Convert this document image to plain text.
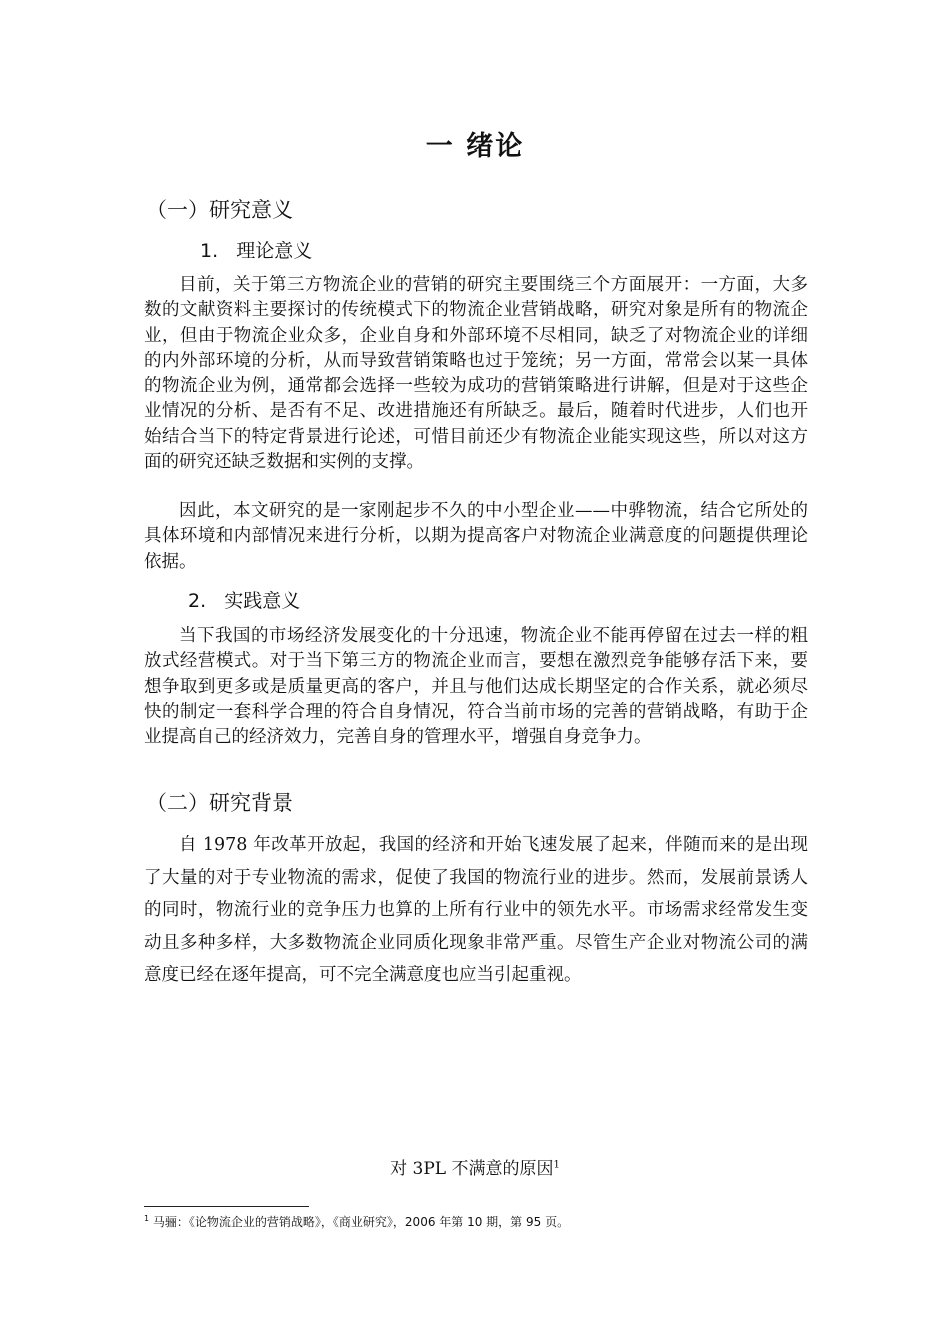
一 绪论
（一）研究意义
1. 理论意义

目前，关于第三方物流企业的营销的研究主要围绕三个方面展开：一方面，大多数的文献资料主要探讨的传统模式下的物流企业营销战略，研究对象是所有的物流企业，但由于物流企业众多，企业自身和外部环境不尽相同，缺乏了对物流企业的详细的内外部环境的分析，从而导致营销策略也过于笼统；另一方面，常常会以某一具体的物流企业为例，通常都会选择一些较为成功的营销策略进行讲解，但是对于这些企业情况的分析、是否有不足、改进措施还有所缺乏。最后，随着时代进步，人们也开始结合当下的特定背景进行论述，可惜目前还少有物流企业能实现这些，所以对这方面的研究还缺乏数据和实例的支撑。

因此，本文研究的是一家刚起步不久的中小型企业——中骅物流，结合它所处的具体环境和内部情况来进行分析，以期为提高客户对物流企业满意度的问题提供理论依据。

2. 实践意义

当下我国的市场经济发展变化的十分迅速，物流企业不能再停留在过去一样的粗放式经营模式。对于当下第三方的物流企业而言，要想在激烈竞争能够存活下来，要想争取到更多或是质量更高的客户，并且与他们达成长期坚定的合作关系，就必须尽快的制定一套科学合理的符合自身情况，符合当前市场的完善的营销战略，有助于企业提高自己的经济效力，完善自身的管理水平，增强自身竞争力。

（二）研究背景

自 1978 年改革开放起，我国的经济和开始飞速发展了起来，伴随而来的是出现了大量的对于专业物流的需求，促使了我国的物流行业的进步。然而，发展前景诱人的同时，物流行业的竞争压力也算的上所有行业中的领先水平。市场需求经常发生变动且多种多样，大多数物流企业同质化现象非常严重。尽管生产企业对物流公司的满意度已经在逐年提高，可不完全满意度也应当引起重视。

对 3PL 不满意的原因$^1$
$^1$ 马骊：《论物流企业的营销战略》，《商业研究》，2006 年第 10 期，第 95 页。
